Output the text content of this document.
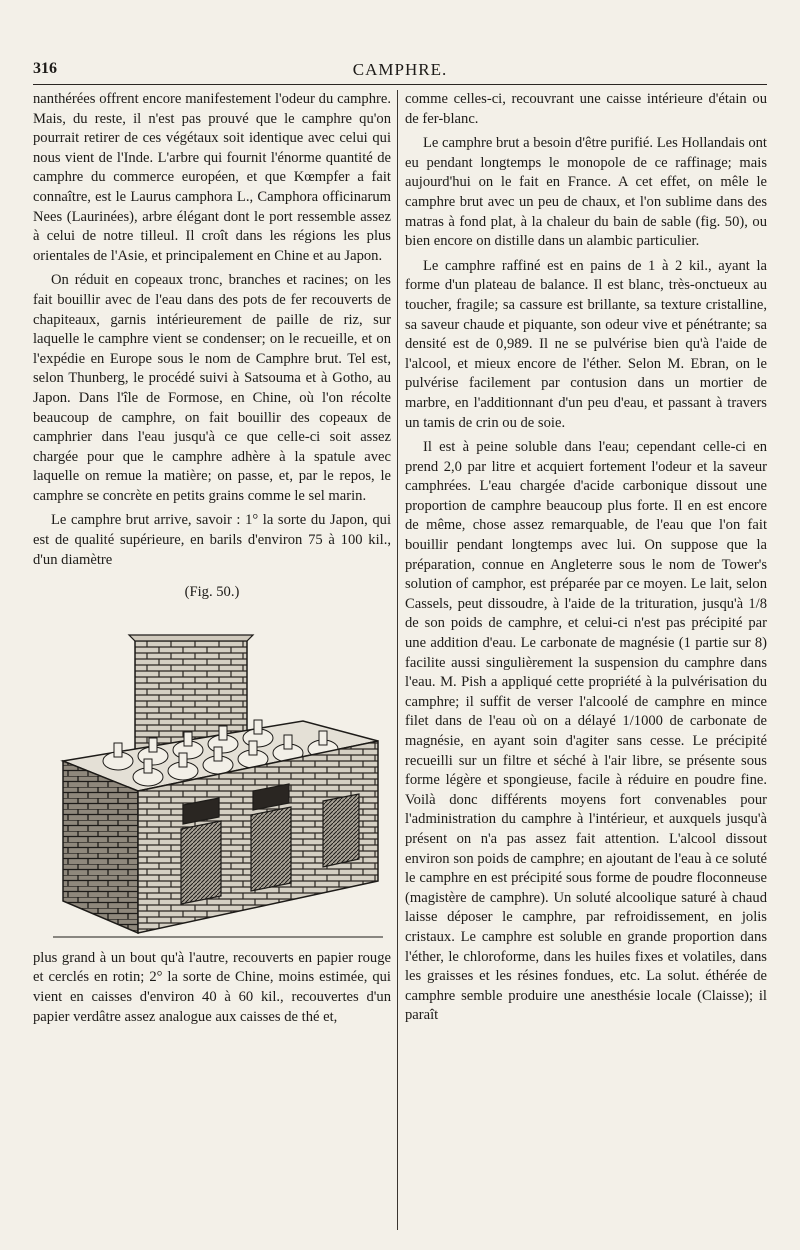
316	CAMPHRE.

nanthérées offrent encore manifestement l'odeur du camphre. Mais, du reste, il n'est pas prouvé que le camphre qu'on pourrait retirer de ces végétaux soit identique avec celui qui nous vient de l'Inde. L'arbre qui fournit l'énorme quantité de camphre du commerce européen, et que Kœmpfer a fait connaître, est le Laurus camphora L., Camphora officinarum Nees (Laurinées), arbre élégant dont le port ressemble assez à celui de notre tilleul. Il croît dans les régions les plus orientales de l'Asie, et principalement en Chine et au Japon.

On réduit en copeaux tronc, branches et racines; on les fait bouillir avec de l'eau dans des pots de fer recouverts de chapiteaux, garnis intérieurement de paille de riz, sur laquelle le camphre vient se condenser; on le recueille, et on l'expédie en Europe sous le nom de Camphre brut. Tel est, selon Thunberg, le procédé suivi à Satsouma et à Gotho, au Japon. Dans l'île de Formose, en Chine, où l'on récolte beaucoup de camphre, on fait bouillir des copeaux de camphrier dans l'eau jusqu'à ce que celle-ci soit assez chargée pour que le camphre adhère à la spatule avec laquelle on remue la matière; on passe, et, par le repos, le camphre se concrète en petits grains comme le sel marin.

Le camphre brut arrive, savoir : 1° la sorte du Japon, qui est de qualité supérieure, en barils d'environ 75 à 100 kil., d'un diamètre

(Fig. 50.)

plus grand à un bout qu'à l'autre, recouverts en papier rouge et cerclés en rotin; 2° la sorte de Chine, moins estimée, qui vient en caisses d'environ 40 à 60 kil., recouvertes d'un papier verdâtre assez analogue aux caisses de thé et,

comme celles-ci, recouvrant une caisse intérieure d'étain ou de fer-blanc.

Le camphre brut a besoin d'être purifié. Les Hollandais ont eu pendant longtemps le monopole de ce raffinage; mais aujourd'hui on le fait en France. A cet effet, on mêle le camphre brut avec un peu de chaux, et l'on sublime dans des matras à fond plat, à la chaleur du bain de sable (fig. 50), ou bien encore on distille dans un alambic particulier.

Le camphre raffiné est en pains de 1 à 2 kil., ayant la forme d'un plateau de balance. Il est blanc, très-onctueux au toucher, fragile; sa cassure est brillante, sa texture cristalline, sa saveur chaude et piquante, son odeur vive et pénétrante; sa densité est de 0,989. Il ne se pulvérise bien qu'à l'aide de l'alcool, et mieux encore de l'éther. Selon M. Ebran, on le pulvérise facilement par contusion dans un mortier de marbre, en l'additionnant d'un peu d'eau, et passant à travers un tamis de crin ou de soie.

Il est à peine soluble dans l'eau; cependant celle-ci en prend 2,0 par litre et acquiert fortement l'odeur et la saveur camphrées. L'eau chargée d'acide carbonique dissout une proportion de camphre beaucoup plus forte. Il en est encore de même, chose assez remarquable, de l'eau que l'on fait bouillir pendant longtemps avec lui. On suppose que la préparation, connue en Angleterre sous le nom de Tower's solution of camphor, est préparée par ce moyen. Le lait, selon Cassels, peut dissoudre, à l'aide de la trituration, jusqu'à 1/8 de son poids de camphre, et celui-ci n'est pas précipité par une addition d'eau. Le carbonate de magnésie (1 partie sur 8) facilite aussi singulièrement la suspension du camphre dans l'eau. M. Pish a appliqué cette propriété à la pulvérisation du camphre; il suffit de verser l'alcoolé de camphre en mince filet dans de l'eau où on a délayé 1/1000 de carbonate de magnésie, en ayant soin d'agiter sans cesse. Le précipité recueilli sur un filtre et séché à l'air libre, se présente sous forme légère et spongieuse, facile à réduire en poudre fine. Voilà donc différents moyens fort convenables pour l'administration du camphre à l'intérieur, et auxquels jusqu'à présent on n'a pas assez fait attention. L'alcool dissout environ son poids de camphre; en ajoutant de l'eau à ce soluté le camphre en est précipité sous forme de poudre floconneuse (magistère de camphre). Un soluté alcoolique saturé à chaud laisse déposer le camphre, par refroidissement, en jolis cristaux. Le camphre est soluble en grande proportion dans l'éther, le chloroforme, dans les huiles fixes et volatiles, dans les graisses et les résines fondues, etc. La solut. éthérée de camphre semble produire une anesthésie locale (Claisse); il paraît
